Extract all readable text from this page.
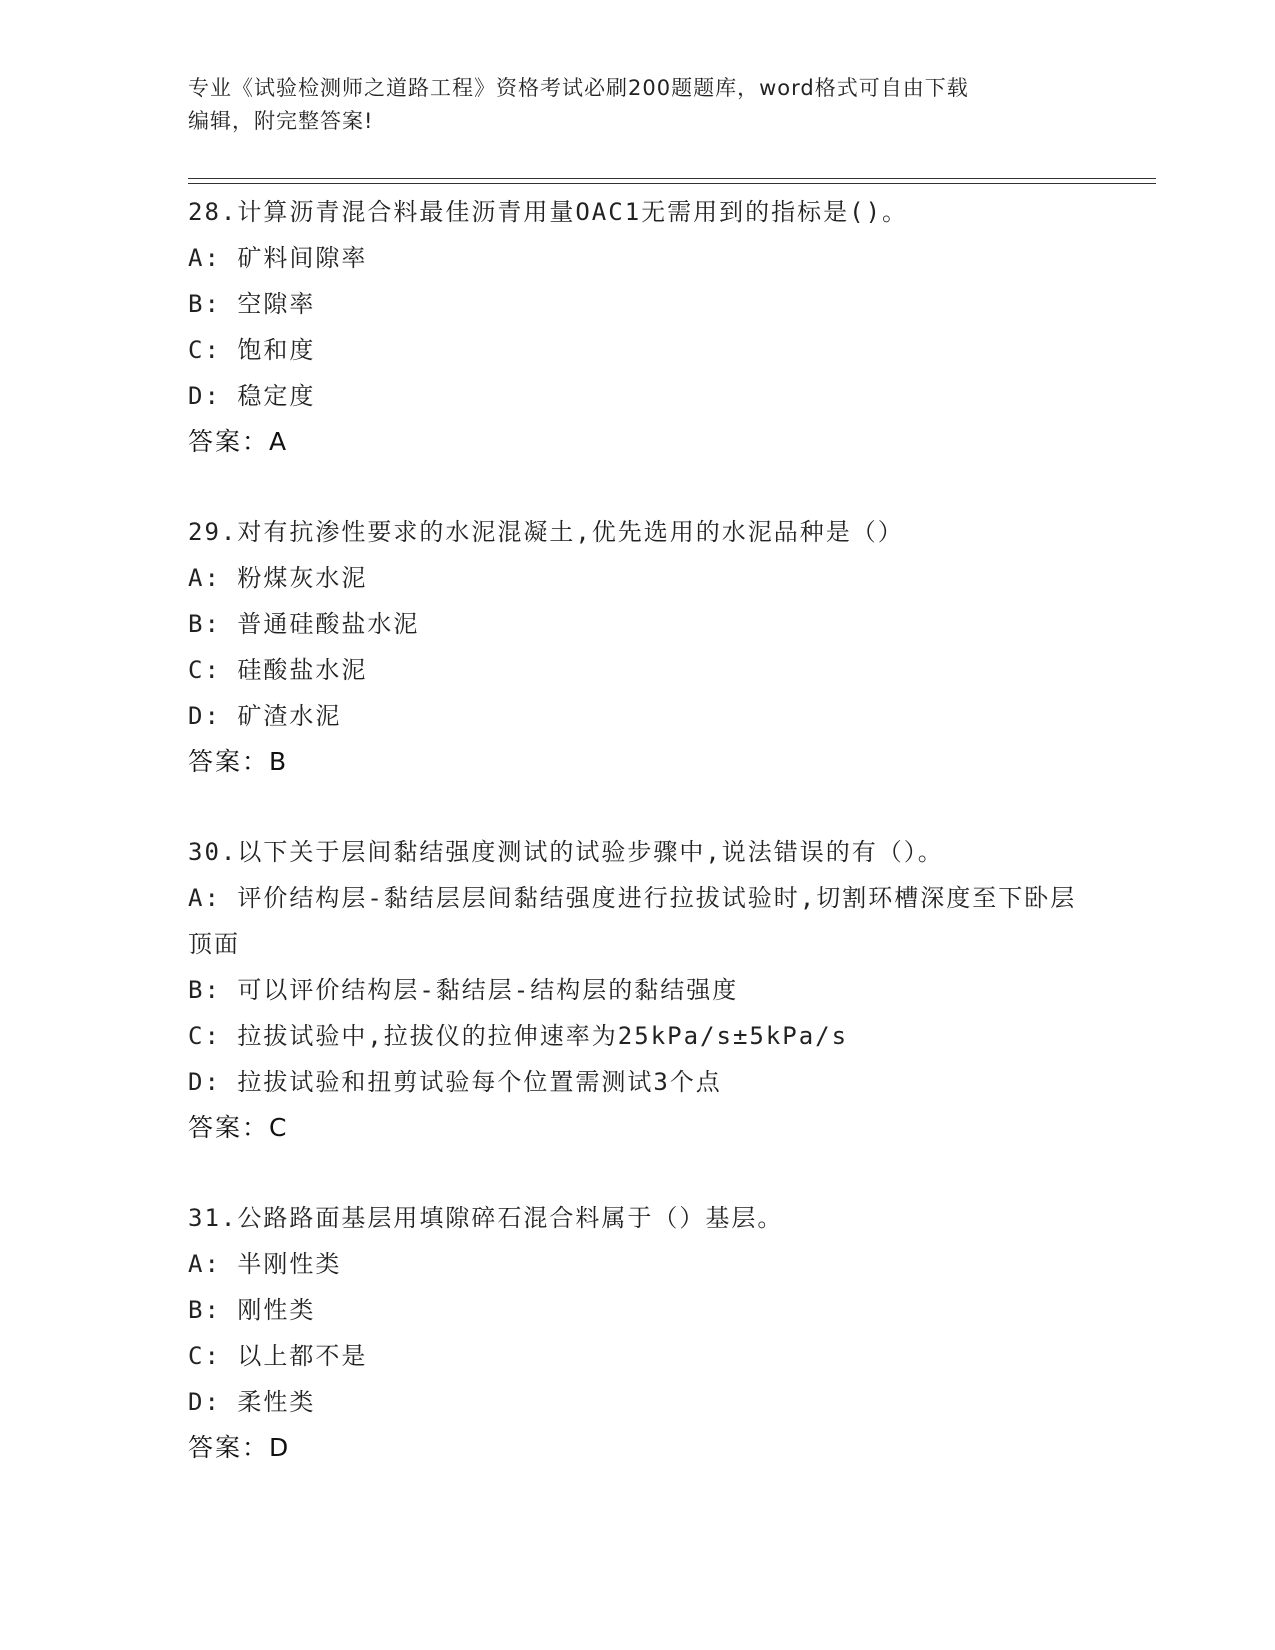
专业《试验检测师之道路工程》资格考试必刷200题题库，word格式可自由下载
编辑，附完整答案!
28.计算沥青混合料最佳沥青用量OAC1无需用到的指标是()。
A: 矿料间隙率
B: 空隙率
C: 饱和度
D: 稳定度
答案：A
29.对有抗渗性要求的水泥混凝土,优先选用的水泥品种是（）
A: 粉煤灰水泥
B: 普通硅酸盐水泥
C: 硅酸盐水泥
D: 矿渣水泥
答案：B
30.以下关于层间黏结强度测试的试验步骤中,说法错误的有（）。
A: 评价结构层-黏结层层间黏结强度进行拉拔试验时,切割环槽深度至下卧层顶面
B: 可以评价结构层-黏结层-结构层的黏结强度
C: 拉拔试验中,拉拔仪的拉伸速率为25kPa/s±5kPa/s
D: 拉拔试验和扭剪试验每个位置需测试3个点
答案：C
31.公路路面基层用填隙碎石混合料属于（）基层。
A: 半刚性类
B: 刚性类
C: 以上都不是
D: 柔性类
答案：D
